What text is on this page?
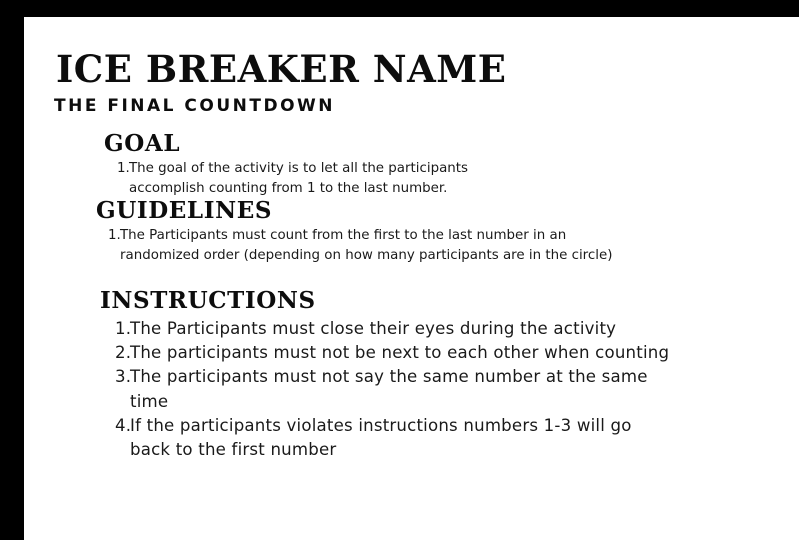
ICE BREAKER NAME
THE FINAL COUNTDOWN
GOAL
1. The goal of the activity is to let all the participants
accomplish counting from 1 to the last number.
GUIDELINES
1. The Participants must count from the first to the last number in an
randomized order (depending on how many participants are in the circle)
INSTRUCTIONS
1.
The Participants must close their eyes during the activity
2.
The participants must not be next to each other when counting
3.
The participants must not say the same number at the same
time
4.
If the participants violates instructions numbers 1-3 will go
back to the first number
